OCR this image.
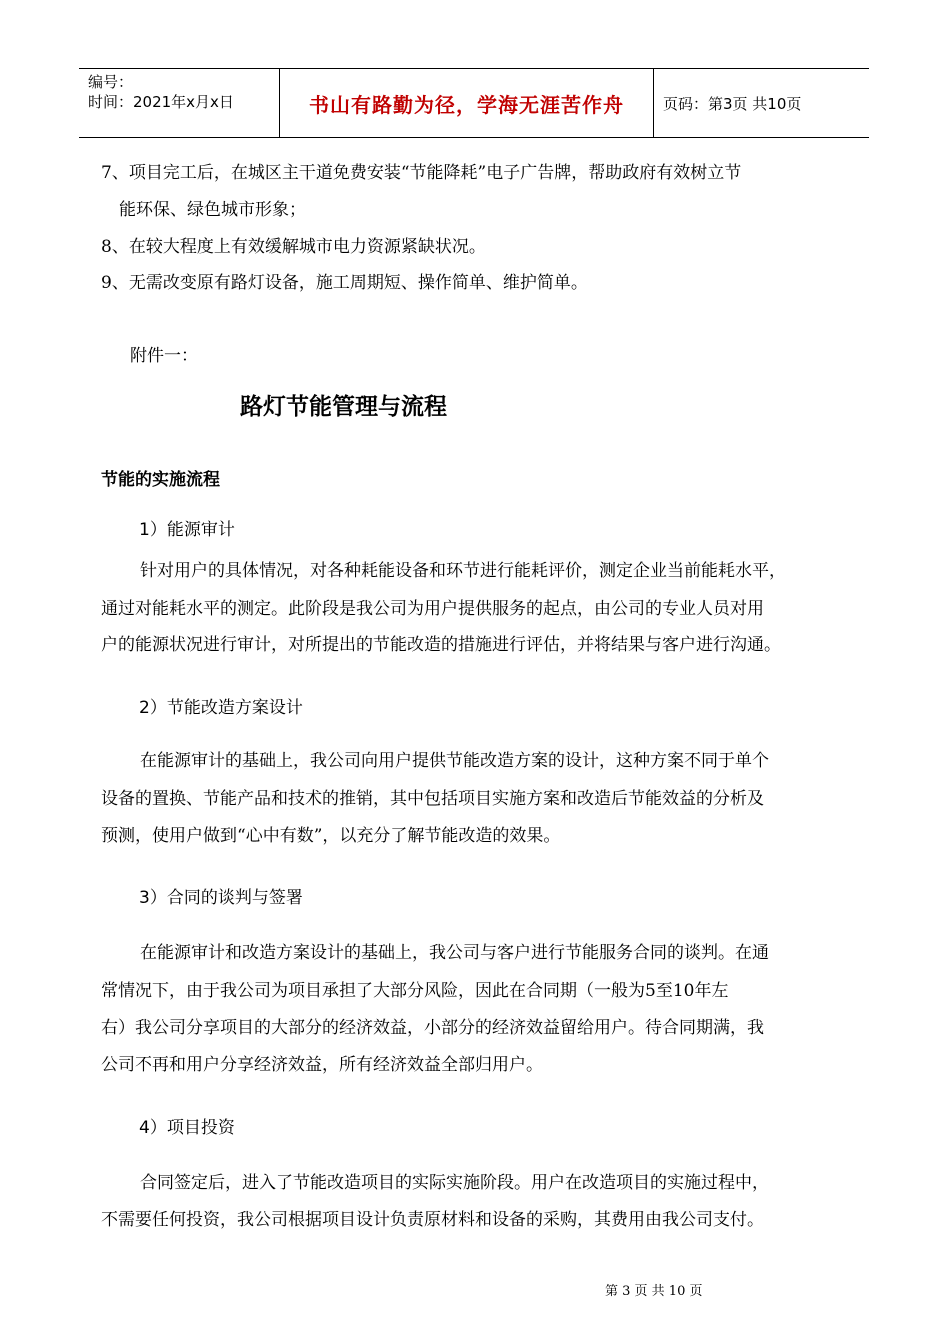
编号：
时间：2021年x月x日	书山有路勤为径，学海无涯苦作舟	页码：第3页 共10页
7、项目完工后，在城区主干道免费安装“节能降耗”电子广告牌，帮助政府有效树立节
能环保、绿色城市形象；
8、在较大程度上有效缓解城市电力资源紧缺状况。
9、无需改变原有路灯设备，施工周期短、操作简单、维护简单。
附件一：
路灯节能管理与流程
节能的实施流程
1）能源审计
针对用户的具体情况，对各种耗能设备和环节进行能耗评价，测定企业当前能耗水平，
通过对能耗水平的测定。此阶段是我公司为用户提供服务的起点，由公司的专业人员对用
户的能源状况进行审计，对所提出的节能改造的措施进行评估，并将结果与客户进行沟通。
2）节能改造方案设计
在能源审计的基础上，我公司向用户提供节能改造方案的设计，这种方案不同于单个
设备的置换、节能产品和技术的推销，其中包括项目实施方案和改造后节能效益的分析及
预测，使用户做到“心中有数”，以充分了解节能改造的效果。
3）合同的谈判与签署
在能源审计和改造方案设计的基础上，我公司与客户进行节能服务合同的谈判。在通
常情况下，由于我公司为项目承担了大部分风险，因此在合同期（一般为5至10年左
右）我公司分享项目的大部分的经济效益，小部分的经济效益留给用户。待合同期满，我
公司不再和用户分享经济效益，所有经济效益全部归用户。
4）项目投资
合同签定后，进入了节能改造项目的实际实施阶段。用户在改造项目的实施过程中，
不需要任何投资，我公司根据项目设计负责原材料和设备的采购，其费用由我公司支付。
第 3 页 共 10 页
